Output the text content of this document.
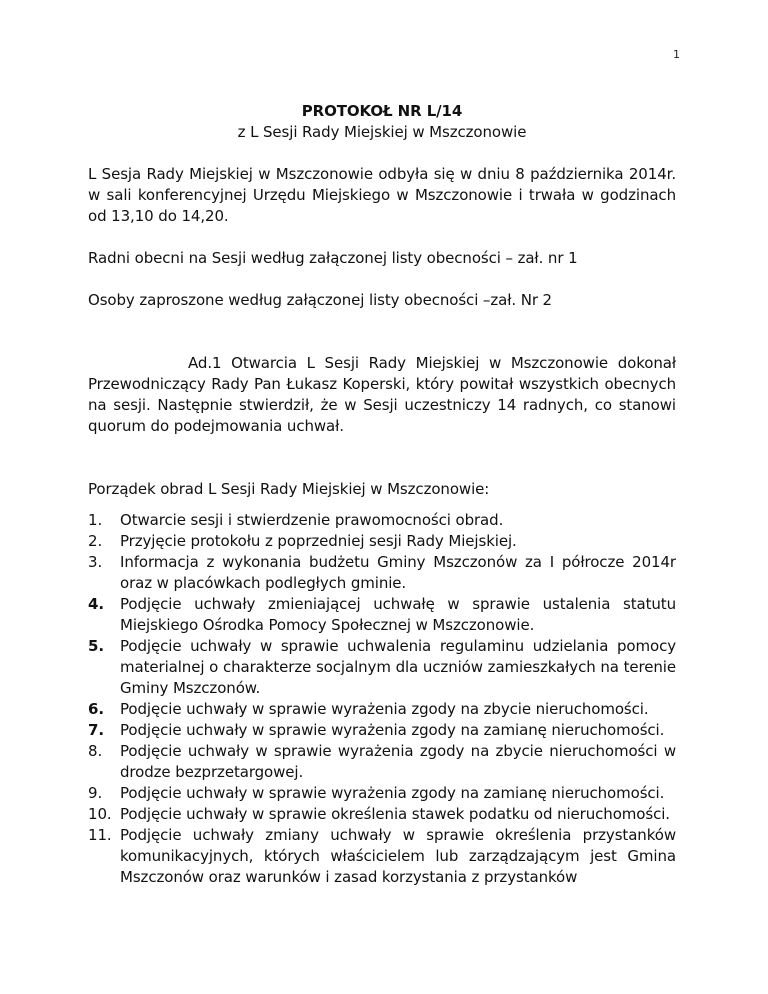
1

PROTOKOŁ NR L/14

z L Sesji Rady Miejskiej w Mszczonowie

L Sesja Rady Miejskiej w Mszczonowie odbyła się w dniu 8 października 2014r. w sali konferencyjnej Urzędu Miejskiego w Mszczonowie i trwała w godzinach od 13,10 do 14,20.

Radni obecni na Sesji według załączonej listy obecności – zał. nr 1

Osoby zaproszone według załączonej listy obecności –zał. Nr 2

Ad.1 Otwarcia L Sesji Rady Miejskiej w Mszczonowie dokonał Przewodniczący Rady Pan Łukasz Koperski, który powitał wszystkich obecnych na sesji. Następnie stwierdził, że w Sesji uczestniczy 14 radnych, co stanowi quorum do podejmowania uchwał.

Porządek obrad L Sesji Rady Miejskiej w Mszczonowie:

1.	Otwarcie sesji i stwierdzenie prawomocności obrad.
2.	Przyjęcie protokołu z poprzedniej sesji Rady Miejskiej.
3.	Informacja z wykonania budżetu Gminy Mszczonów za I półrocze 2014r oraz w placówkach podległych gminie.
4.	Podjęcie uchwały zmieniającej uchwałę w sprawie ustalenia statutu Miejskiego Ośrodka Pomocy Społecznej w Mszczonowie.
5.	Podjęcie uchwały w sprawie uchwalenia regulaminu udzielania pomocy materialnej o charakterze socjalnym dla uczniów zamieszkałych na terenie Gminy Mszczonów.
6.	Podjęcie uchwały w sprawie wyrażenia zgody na zbycie nieruchomości.
7.	Podjęcie uchwały w sprawie wyrażenia zgody na zamianę nieruchomości.
8.	Podjęcie uchwały w sprawie wyrażenia zgody na zbycie nieruchomości w drodze bezprzetargowej.
9.	Podjęcie uchwały w sprawie wyrażenia zgody na zamianę nieruchomości.
10. Podjęcie uchwały w sprawie określenia stawek podatku od nieruchomości.
11. Podjęcie uchwały zmiany uchwały w sprawie określenia przystanków komunikacyjnych, których właścicielem lub zarządzającym jest Gmina Mszczonów oraz warunków i zasad korzystania z przystanków
